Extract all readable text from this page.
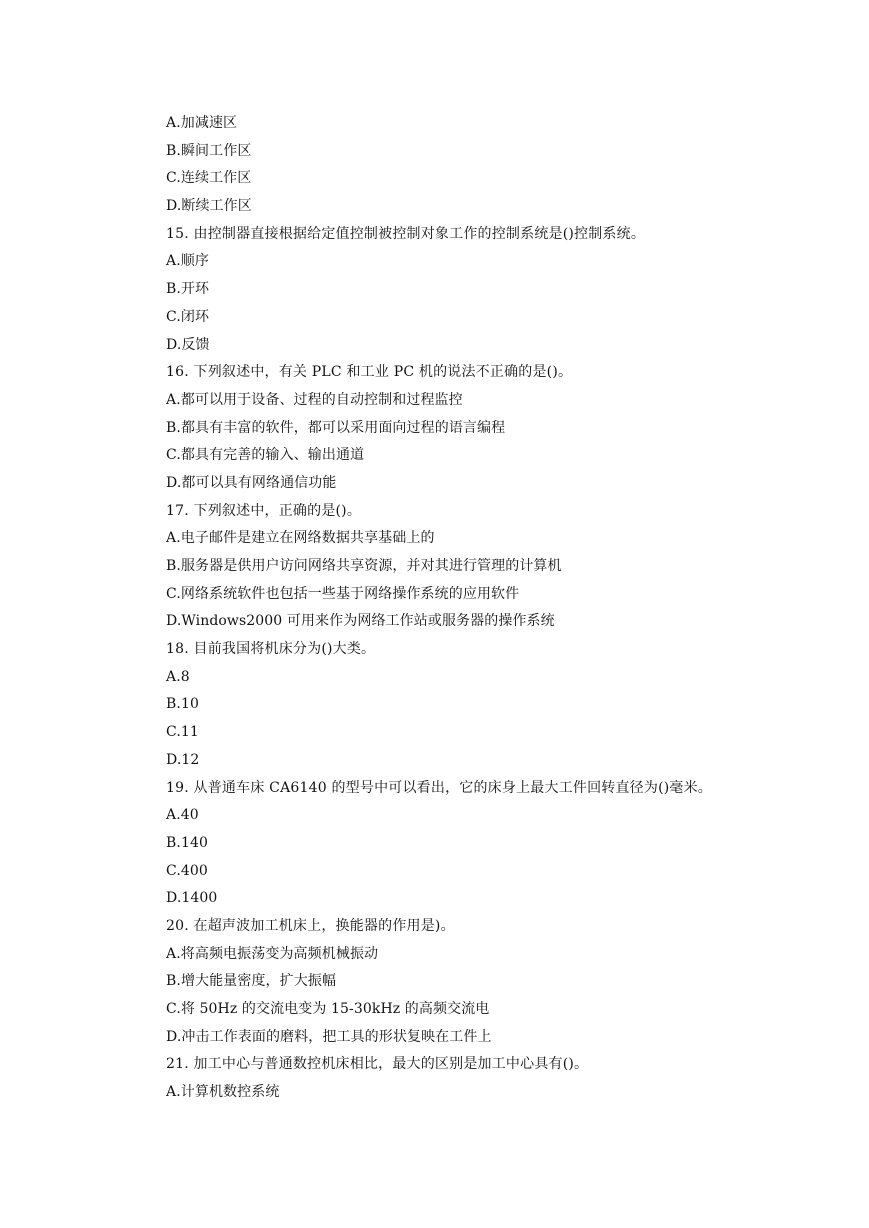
A.加减速区
B.瞬间工作区
C.连续工作区
D.断续工作区
15. 由控制器直接根据给定值控制被控制对象工作的控制系统是()控制系统。
A.顺序
B.开环
C.闭环
D.反馈
16. 下列叙述中，有关 PLC 和工业 PC 机的说法不正确的是()。
A.都可以用于设备、过程的自动控制和过程监控
B.都具有丰富的软件，都可以采用面向过程的语言编程
C.都具有完善的输入、输出通道
D.都可以具有网络通信功能
17. 下列叙述中，正确的是()。
A.电子邮件是建立在网络数据共享基础上的
B.服务器是供用户访问网络共享资源，并对其进行管理的计算机
C.网络系统软件也包括一些基于网络操作系统的应用软件
D.Windows2000 可用来作为网络工作站或服务器的操作系统
18. 目前我国将机床分为()大类。
A.8
B.10
C.11
D.12
19. 从普通车床 CA6140 的型号中可以看出，它的床身上最大工件回转直径为()毫米。
A.40
B.140
C.400
D.1400
20. 在超声波加工机床上，换能器的作用是)。
A.将高频电振荡变为高频机械振动
B.增大能量密度，扩大振幅
C.将 50Hz 的交流电变为 15-30kHz 的高频交流电
D.冲击工作表面的磨料，把工具的形状复映在工件上
21. 加工中心与普通数控机床相比，最大的区别是加工中心具有()。
A.计算机数控系统
